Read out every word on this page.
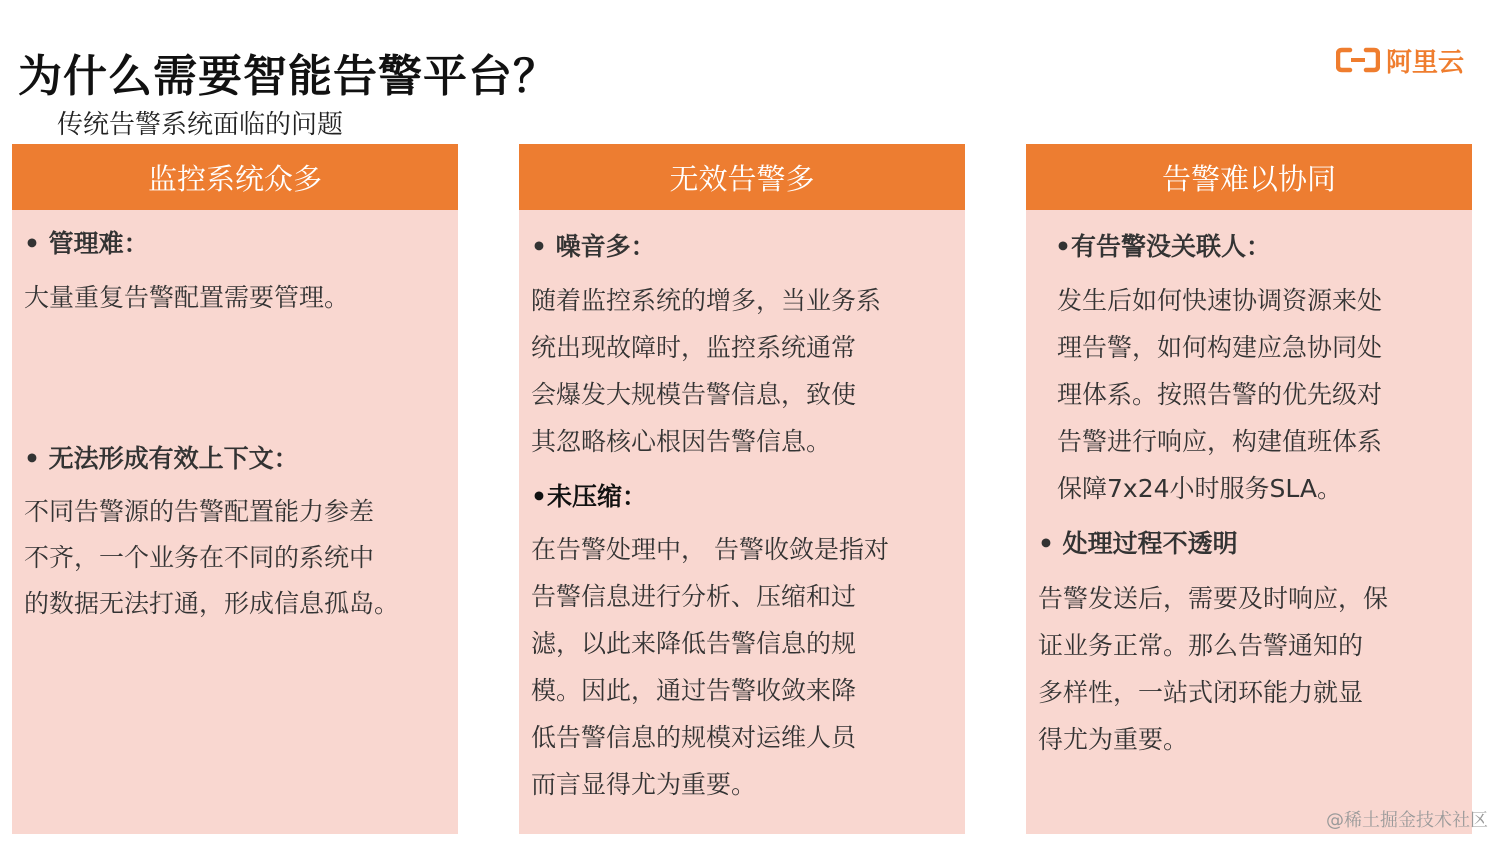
为什么需要智能告警平台？
传统告警系统面临的问题
阿里云
监控系统众多
• 管理难：
大量重复告警配置需要管理。
• 无法形成有效上下文：
不同告警源的告警配置能力参差
不齐，一个业务在不同的系统中
的数据无法打通，形成信息孤岛。
无效告警多
• 噪音多：
随着监控系统的增多，当业务系
统出现故障时，监控系统通常
会爆发大规模告警信息，致使
其忽略核心根因告警信息。
•未压缩：
在告警处理中， 告警收敛是指对
告警信息进行分析、压缩和过
滤，以此来降低告警信息的规
模。因此，通过告警收敛来降
低告警信息的规模对运维人员
而言显得尤为重要。
告警难以协同
•有告警没关联人：
发生后如何快速协调资源来处
理告警，如何构建应急协同处
理体系。按照告警的优先级对
告警进行响应，构建值班体系
保障7x24小时服务SLA。
• 处理过程不透明
告警发送后，需要及时响应，保
证业务正常。那么告警通知的
多样性，一站式闭环能力就显
得尤为重要。
@稀土掘金技术社区
